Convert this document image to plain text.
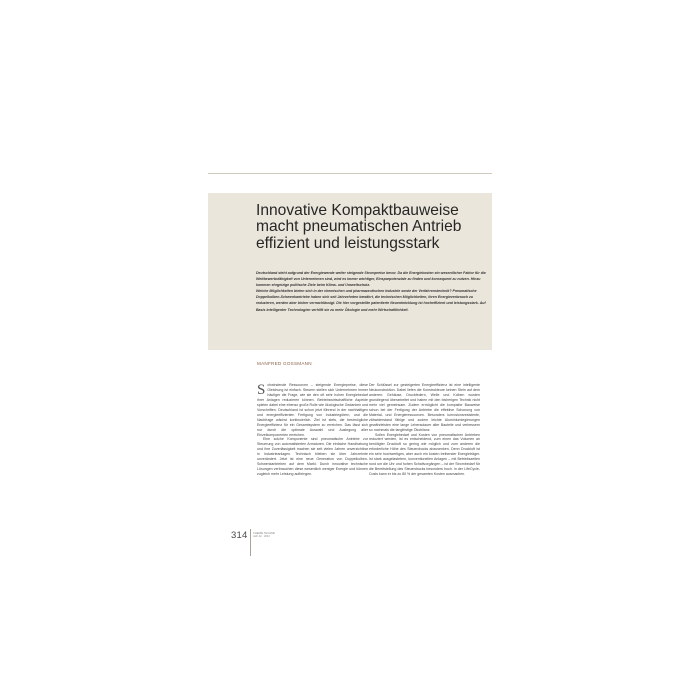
Innovative Kompaktbauweise
macht pneumatischen Antrieb
effizient und leistungsstark

Deutschland steht aufgrund der Energiewende weiter steigende Strompreise bevor. Da die Energiekosten ein wesentlicher Faktor für die Wettbewerbsfähigkeit von Unternehmen sind, wird es immer wichtiger, Einsparpotenziale zu finden und konsequent zu nutzen. Hinzu kommen ehrgeizige politische Ziele beim Klima- und Umweltschutz.

Welche Möglichkeiten bieten sich in der chemischen und pharmazeutischen Industrie sowie der Verfahrenstechnik? Pneumatische Doppelkolben-Schwenkantriebe haben sich seit Jahrzehnten bewährt, die technischen Möglichkeiten, ihren Energieverbrauch zu reduzieren, werden aber bisher vernachlässigt. Die hier vorgestellte patentierte Neuentwicklung ist hocheffizient und leistungsstark. Auf Basis intelligenter Technologien verhilft sie zu mehr Ökologie und mehr Wirtschaftlichkeit.

MANFRED GOSSMANN

Schwindende Ressourcen – steigende Energiepreise, diese Gleichung ist einfach. Steuern stellen sich Unternehmen immer häufiger die Frage, wie sie den oft sehr hohen Energiebedarf ihrer Anlagen reduzieren können. Betriebswirtschaftliche Aspekte spielen dabei eine ebenso große Rolle wie ökologische Gedanken und Vorschriften. Deutschland ist schon jetzt führend in der nachhaltigen und energieeffizienten Fertigung von Industriegütern, und die Nachfrage wächst kontinuierlich. Ziel ist stets, die bestmögliche Energieeffizienz für ein Gesamtsystem zu erreichen. Das lässt sich nur durch die optimale Auswahl und Auslegung aller Einzelkomponenten erreichen.

Eine solche Komponente sind pneumatische Antriebe zur Steuerung von automatisierten Armaturen. Die einfache Handhabung und ihre Zuverlässigkeit machen sie seit vielen Jahren unverzichtbar in Industrieanlagen. Technisch blieben sie über Jahrzehnte unverändert. Jetzt ist eine neue Generation von Doppelkolben-Schwenkantrieben auf dem Markt. Durch innovative technische Lösungen verbrauchen diese wesentlich weniger Energie und können zugleich mehr Leistung aufbringen.

Der Schlüssel zur gesteigerten Energieeffizienz ist eine intelligente Neukonstruktion. Dabei liefen die Konstrukteure keinen Stein auf dem anderen: Gehäuse, Druckfedern, Welle und Kolben wurden grundlegend überarbeitet und haben mit den bisherigen Technik nicht mehr viel gemeinsam. Zudem ermöglicht die kompakte Bauweise schon bei der Fertigung der Antriebe die effektive Schonung von Material- und Energieressourcen. Besonders korrosionsresistente, zähwiderstand fähige und zudem leichte Aluminiumlegierungen gewährleisten eine lange Lebensdauer aller Bauteile und verbessern so nochmals die langfristige Ökobilanz.

Sollen Energiebedarf und Kosten von pneumatischen Antrieben reduziert werden, ist es entscheidend, zum einen das Volumen an benötigter Druckluft so gering wie möglich und zum anderen die erforderliche Höhe des Steuerdrucks abzusenken. Denn Druckluft ist ein sehr hochwertiges, aber auch ein kosten treibender Energieträger. Ist stark ausgelastetem, konventionellen Anlagen – mit Betriebszeiten rund um die Uhr und hohen Schaltvorgängen – ist der Strombedarf für die Bereitstellung des Steuerdrucks besonders hoch. In der LifeCycle-Costs kann er bis zu 80 % der gesamten Kosten ausmachen.

314 CHEMIE TECHNIK
Jahr 42 · 2013
